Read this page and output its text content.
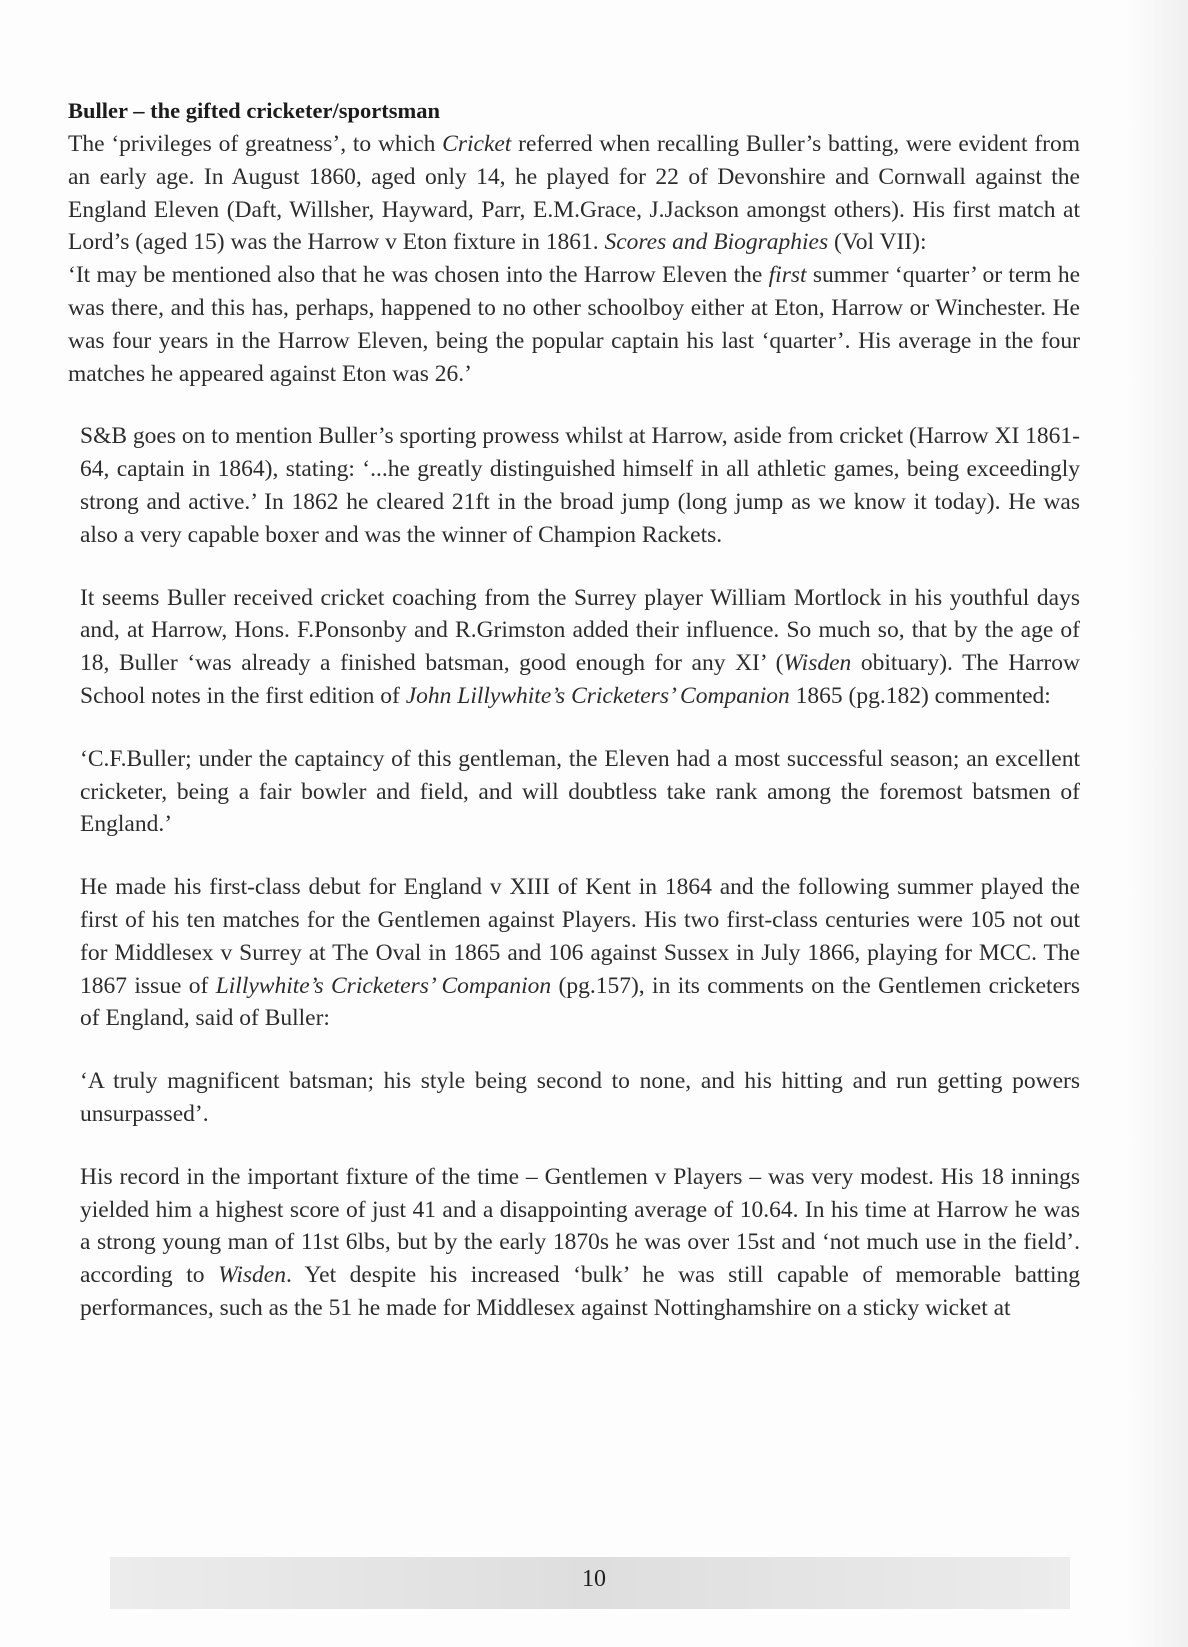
Buller – the gifted cricketer/sportsman

The ‘privileges of greatness’, to which Cricket referred when recalling Buller’s batting, were evident from an early age. In August 1860, aged only 14, he played for 22 of Devonshire and Cornwall against the England Eleven (Daft, Willsher, Hayward, Parr, E.M.Grace, J.Jackson amongst others). His first match at Lord’s (aged 15) was the Harrow v Eton fixture in 1861. Scores and Biographies (Vol VII):

‘It may be mentioned also that he was chosen into the Harrow Eleven the first summer ‘quarter’ or term he was there, and this has, perhaps, happened to no other schoolboy either at Eton, Harrow or Winchester. He was four years in the Harrow Eleven, being the popular captain his last ‘quarter’. His average in the four matches he appeared against Eton was 26.’

S&B goes on to mention Buller’s sporting prowess whilst at Harrow, aside from cricket (Harrow XI 1861-64, captain in 1864), stating: ‘...he greatly distinguished himself in all athletic games, being exceedingly strong and active.’ In 1862 he cleared 21ft in the broad jump (long jump as we know it today). He was also a very capable boxer and was the winner of Champion Rackets.

It seems Buller received cricket coaching from the Surrey player William Mortlock in his youthful days and, at Harrow, Hons. F.Ponsonby and R.Grimston added their influence. So much so, that by the age of 18, Buller ‘was already a finished batsman, good enough for any XI’ (Wisden obituary). The Harrow School notes in the first edition of John Lillywhite’s Cricketers’ Companion 1865 (pg.182) commented:

‘C.F.Buller; under the captaincy of this gentleman, the Eleven had a most successful season; an excellent cricketer, being a fair bowler and field, and will doubtless take rank among the foremost batsmen of England.’

He made his first-class debut for England v XIII of Kent in 1864 and the following summer played the first of his ten matches for the Gentlemen against Players. His two first-class centuries were 105 not out for Middlesex v Surrey at The Oval in 1865 and 106 against Sussex in July 1866, playing for MCC. The 1867 issue of Lillywhite’s Cricketers’ Companion (pg.157), in its comments on the Gentlemen cricketers of England, said of Buller:

‘A truly magnificent batsman; his style being second to none, and his hitting and run getting powers unsurpassed’.

His record in the important fixture of the time – Gentlemen v Players – was very modest. His 18 innings yielded him a highest score of just 41 and a disappointing average of 10.64. In his time at Harrow he was a strong young man of 11st 6lbs, but by the early 1870s he was over 15st and ‘not much use in the field’. according to Wisden. Yet despite his increased ‘bulk’ he was still capable of memorable batting performances, such as the 51 he made for Middlesex against Nottinghamshire on a sticky wicket at

10
